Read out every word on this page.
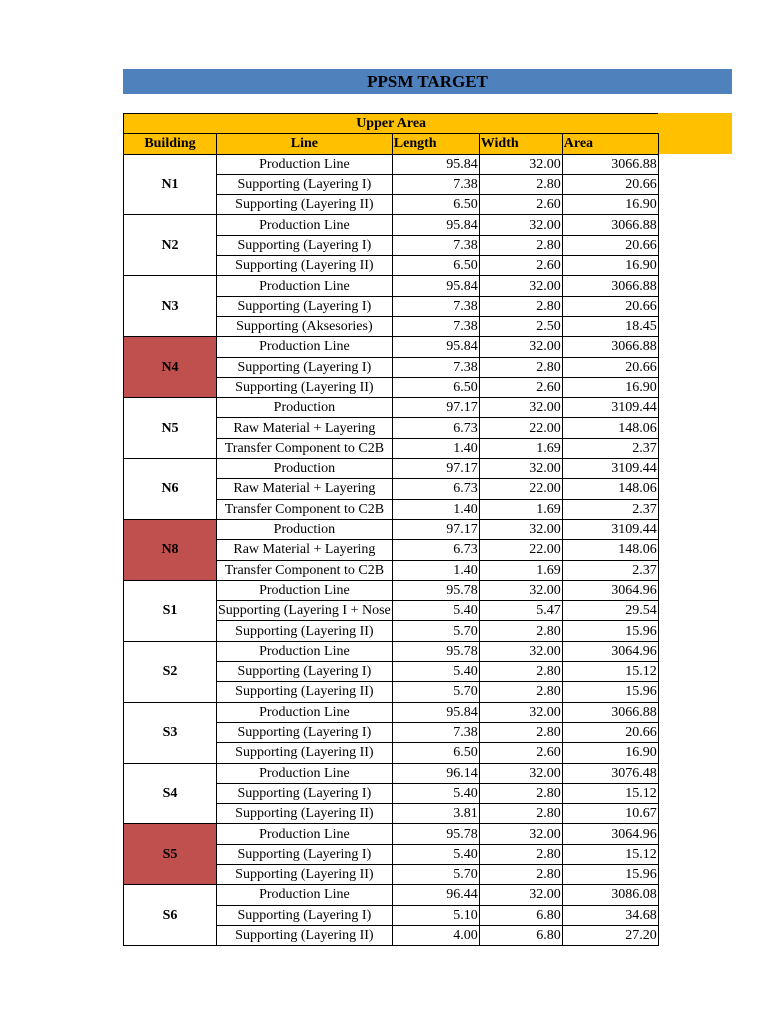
PPSM TARGET
Upper Area				
Building	Line	Length	Width	Area
N1	Production Line	95.84	32.00	3066.88
	Supporting (Layering I)	7.38	2.80	20.66
	Supporting (Layering II)	6.50	2.60	16.90
N2	Production Line	95.84	32.00	3066.88
	Supporting (Layering I)	7.38	2.80	20.66
	Supporting (Layering II)	6.50	2.60	16.90
N3	Production Line	95.84	32.00	3066.88
	Supporting (Layering I)	7.38	2.80	20.66
	Supporting (Aksesories)	7.38	2.50	18.45
N4	Production Line	95.84	32.00	3066.88
	Supporting (Layering I)	7.38	2.80	20.66
	Supporting (Layering II)	6.50	2.60	16.90
N5	Production	97.17	32.00	3109.44
	Raw Material + Layering	6.73	22.00	148.06
	Transfer Component to C2B	1.40	1.69	2.37
N6	Production	97.17	32.00	3109.44
	Raw Material + Layering	6.73	22.00	148.06
	Transfer Component to C2B	1.40	1.69	2.37
N8	Production	97.17	32.00	3109.44
	Raw Material + Layering	6.73	22.00	148.06
	Transfer Component to C2B	1.40	1.69	2.37
S1	Production Line	95.78	32.00	3064.96
	Supporting (Layering I + Nose	5.40	5.47	29.54
	Supporting (Layering II)	5.70	2.80	15.96
S2	Production Line	95.78	32.00	3064.96
	Supporting (Layering I)	5.40	2.80	15.12
	Supporting (Layering II)	5.70	2.80	15.96
S3	Production Line	95.84	32.00	3066.88
	Supporting (Layering I)	7.38	2.80	20.66
	Supporting (Layering II)	6.50	2.60	16.90
S4	Production Line	96.14	32.00	3076.48
	Supporting (Layering I)	5.40	2.80	15.12
	Supporting (Layering II)	3.81	2.80	10.67
S5	Production Line	95.78	32.00	3064.96
	Supporting (Layering I)	5.40	2.80	15.12
	Supporting (Layering II)	5.70	2.80	15.96
S6	Production Line	96.44	32.00	3086.08
	Supporting (Layering I)	5.10	6.80	34.68
	Supporting (Layering II)	4.00	6.80	27.20
